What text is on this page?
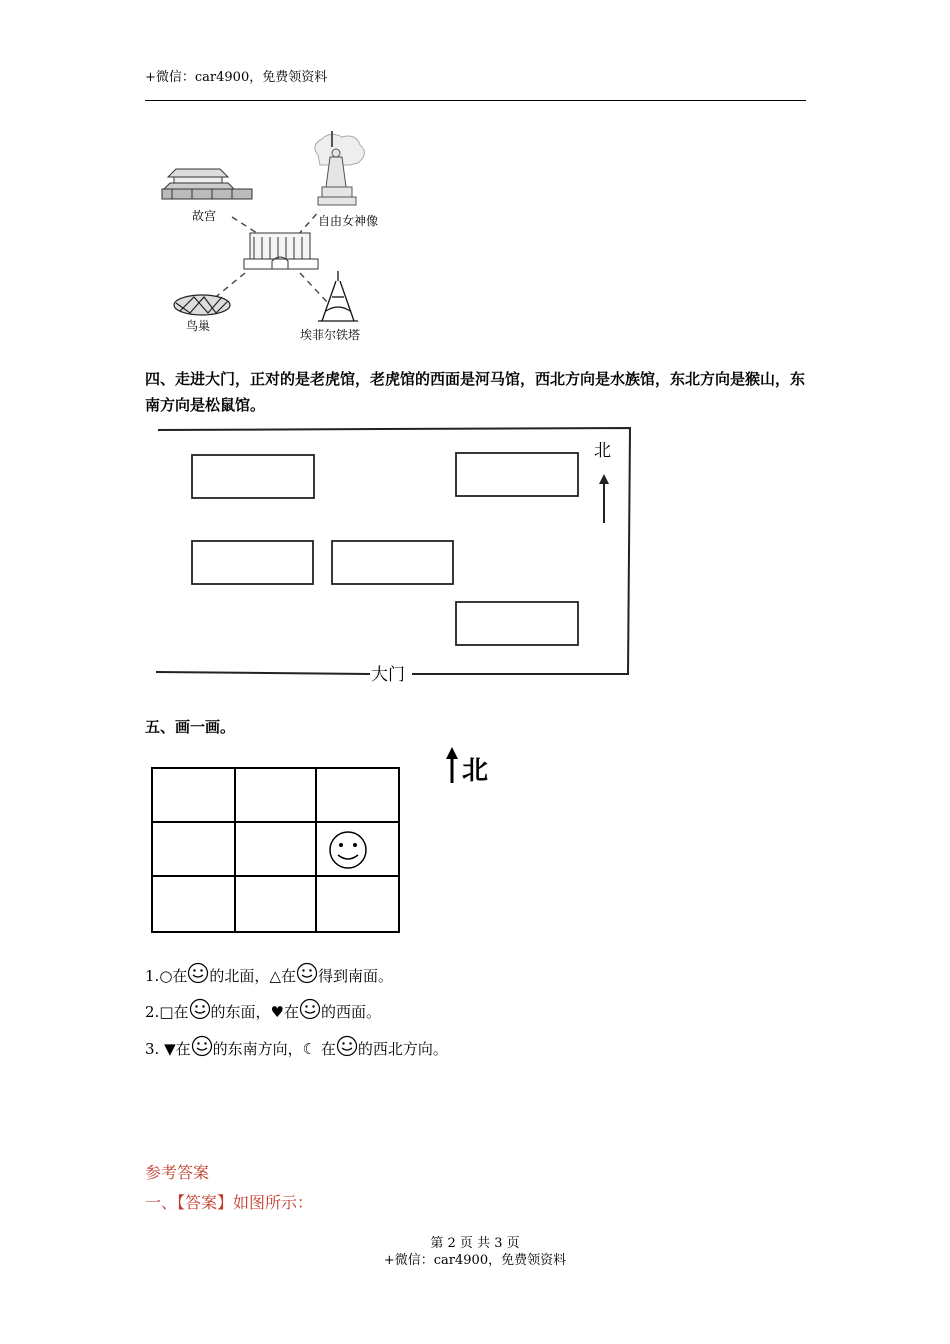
+微信：car4900，免费领资料
故宫	自由女神像
鸟巢
埃菲尔铁塔
四、走进大门，正对的是老虎馆，老虎馆的西面是河马馆，西北方向是水族馆，东北方向是猴山，东南方向是松鼠馆。
北
大门
五、画一画。
北
1.○在 的北面，△在 得到南面。
2.□在 的东面，♥在 的西面。
3. ▼在 的东南方向，☾ 在 的西北方向。
参考答案
一、【答案】如图所示：
第 2 页 共 3 页
+微信：car4900，免费领资料
